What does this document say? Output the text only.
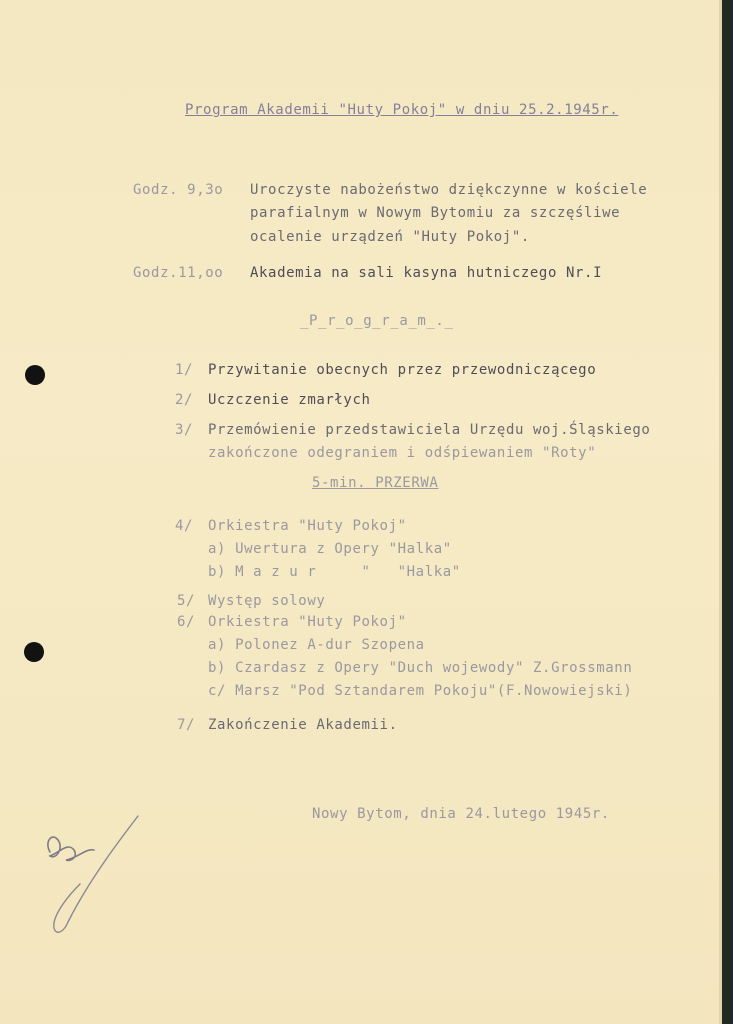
Program Akademii "Huty Pokoj" w dniu 25.2.1945r.
Godz. 9,3o Uroczyste nabożeństwo dziękczynne w kościele
parafialnym w Nowym Bytomiu za szczęśliwe
ocalenie urządzeń "Huty Pokoj".
Godz.11,oo Akademia na sali kasyna hutniczego Nr.I
_P_r_o_g_r_a_m_._
1/ Przywitanie obecnych przez przewodniczącego
2/ Uczczenie zmarłych
3/ Przemówienie przedstawiciela Urzędu woj.Śląskiego
zakończone odegraniem i odśpiewaniem "Roty"
5-min. PRZERWA
4/ Orkiestra "Huty Pokoj"
a) Uwertura z Opery "Halka"
b) M a z u r     "   "Halka"
5/ Występ solowy
6/ Orkiestra "Huty Pokoj"
a) Polonez A-dur Szopena
b) Czardasz z Opery "Duch wojewody" Z.Grossmann
c/ Marsz "Pod Sztandarem Pokoju"(F.Nowowiejski)
7/ Zakończenie Akademii.
Nowy Bytom, dnia 24.lutego 1945r.
